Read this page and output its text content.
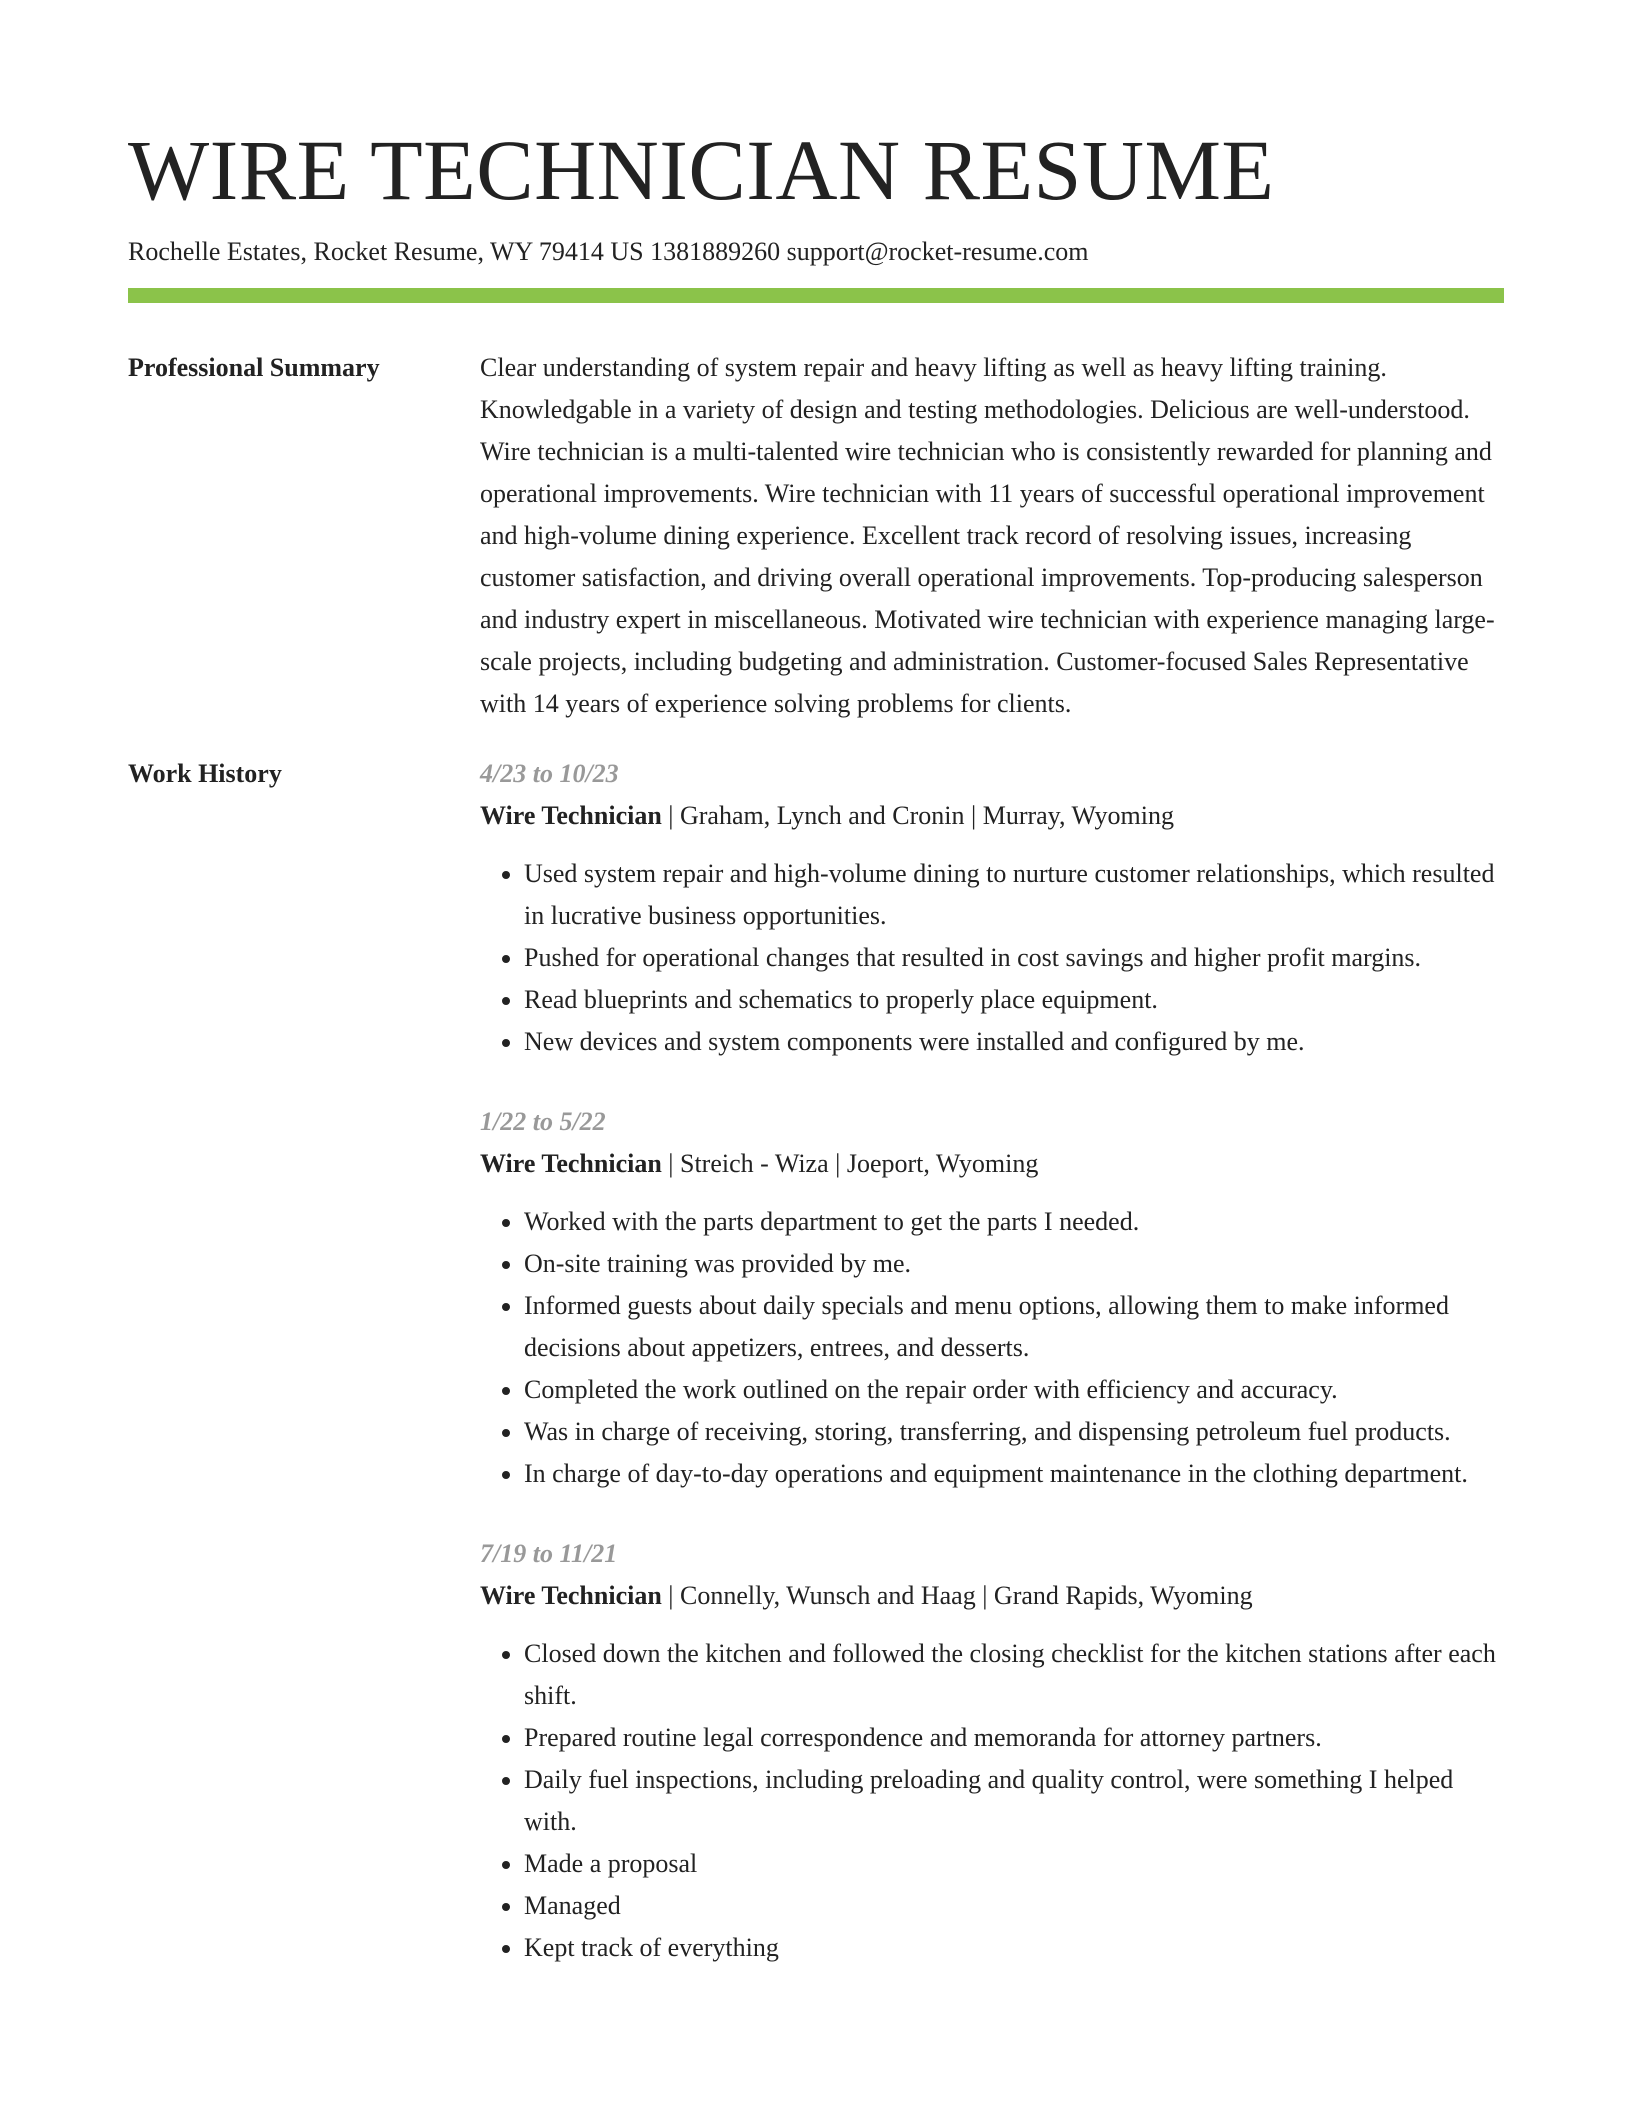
WIRE TECHNICIAN RESUME
Rochelle Estates, Rocket Resume, WY 79414 US 1381889260 support@rocket-resume.com
Professional Summary	Clear understanding of system repair and heavy lifting as well as heavy lifting training. Knowledgable in a variety of design and testing methodologies. Delicious are well-understood. Wire technician is a multi-talented wire technician who is consistently rewarded for planning and operational improvements. Wire technician with 11 years of successful operational improvement and high-volume dining experience. Excellent track record of resolving issues, increasing customer satisfaction, and driving overall operational improvements. Top-producing salesperson and industry expert in miscellaneous. Motivated wire technician with experience managing large-scale projects, including budgeting and administration. Customer-focused Sales Representative with 14 years of experience solving problems for clients.

Work History	4/23 to 10/23
Wire Technician | Graham, Lynch and Cronin | Murray, Wyoming
• Used system repair and high-volume dining to nurture customer relationships, which resulted in lucrative business opportunities.
• Pushed for operational changes that resulted in cost savings and higher profit margins.
• Read blueprints and schematics to properly place equipment.
• New devices and system components were installed and configured by me.
1/22 to 5/22
Wire Technician | Streich - Wiza | Joeport, Wyoming
• Worked with the parts department to get the parts I needed.
• On-site training was provided by me.
• Informed guests about daily specials and menu options, allowing them to make informed decisions about appetizers, entrees, and desserts.
• Completed the work outlined on the repair order with efficiency and accuracy.
• Was in charge of receiving, storing, transferring, and dispensing petroleum fuel products.
• In charge of day-to-day operations and equipment maintenance in the clothing department.
7/19 to 11/21
Wire Technician | Connelly, Wunsch and Haag | Grand Rapids, Wyoming
• Closed down the kitchen and followed the closing checklist for the kitchen stations after each shift.
• Prepared routine legal correspondence and memoranda for attorney partners.
• Daily fuel inspections, including preloading and quality control, were something I helped with.
• Made a proposal
• Managed
• Kept track of everything
